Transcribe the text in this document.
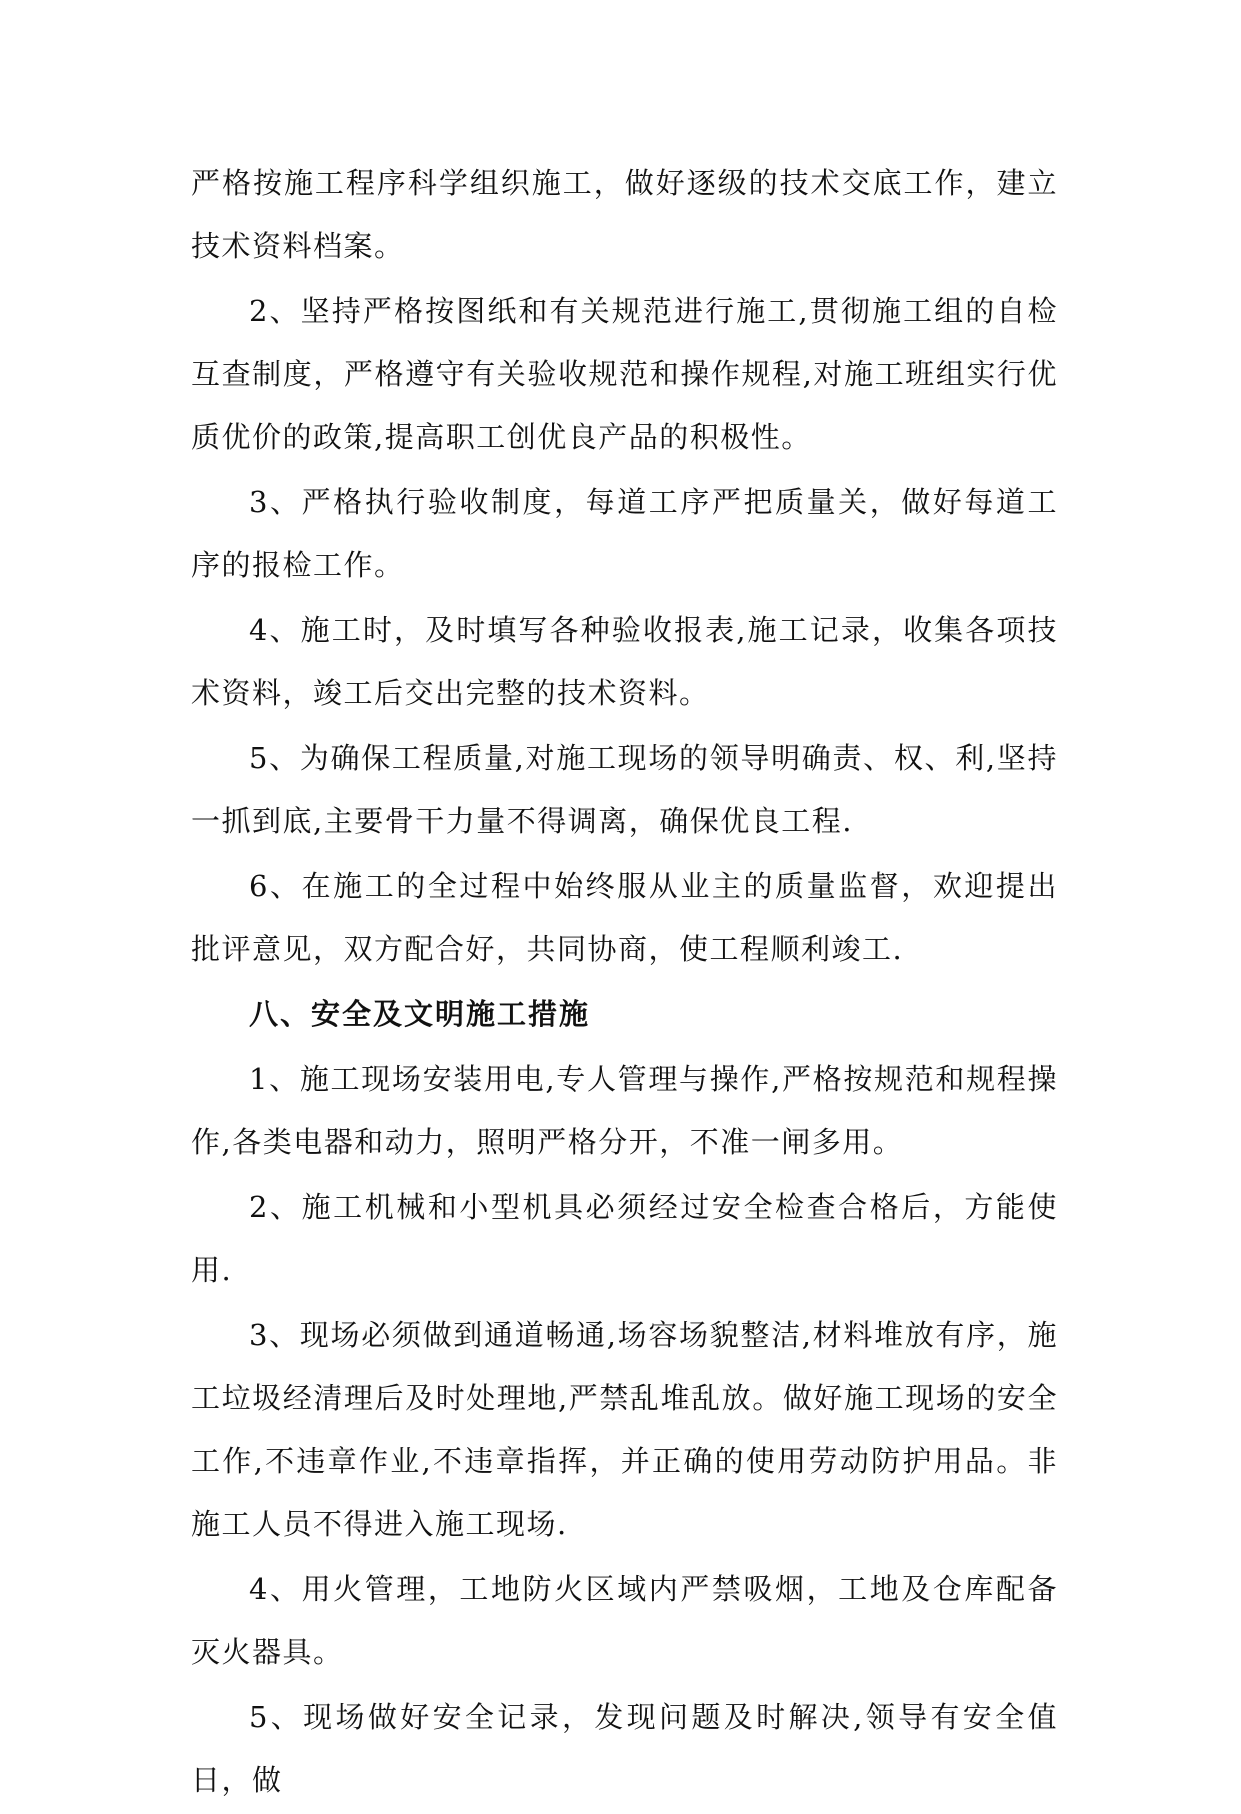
严格按施工程序科学组织施工，做好逐级的技术交底工作，建立技术资料档案。

2、坚持严格按图纸和有关规范进行施工,贯彻施工组的自检互查制度，严格遵守有关验收规范和操作规程,对施工班组实行优质优价的政策,提高职工创优良产品的积极性。

3、严格执行验收制度，每道工序严把质量关，做好每道工序的报检工作。

4、施工时，及时填写各种验收报表,施工记录，收集各项技术资料，竣工后交出完整的技术资料。

5、为确保工程质量,对施工现场的领导明确责、权、利,坚持一抓到底,主要骨干力量不得调离，确保优良工程.

6、在施工的全过程中始终服从业主的质量监督，欢迎提出批评意见，双方配合好，共同协商，使工程顺利竣工.

八、安全及文明施工措施

1、施工现场安装用电,专人管理与操作,严格按规范和规程操作,各类电器和动力，照明严格分开，不准一闸多用。

2、施工机械和小型机具必须经过安全检查合格后，方能使用.

3、现场必须做到通道畅通,场容场貌整洁,材料堆放有序，施工垃圾经清理后及时处理地,严禁乱堆乱放。做好施工现场的安全工作,不违章作业,不违章指挥，并正确的使用劳动防护用品。非施工人员不得进入施工现场.

4、用火管理，工地防火区域内严禁吸烟，工地及仓库配备灭火器具。

5、现场做好安全记录，发现问题及时解决,领导有安全值日，做
